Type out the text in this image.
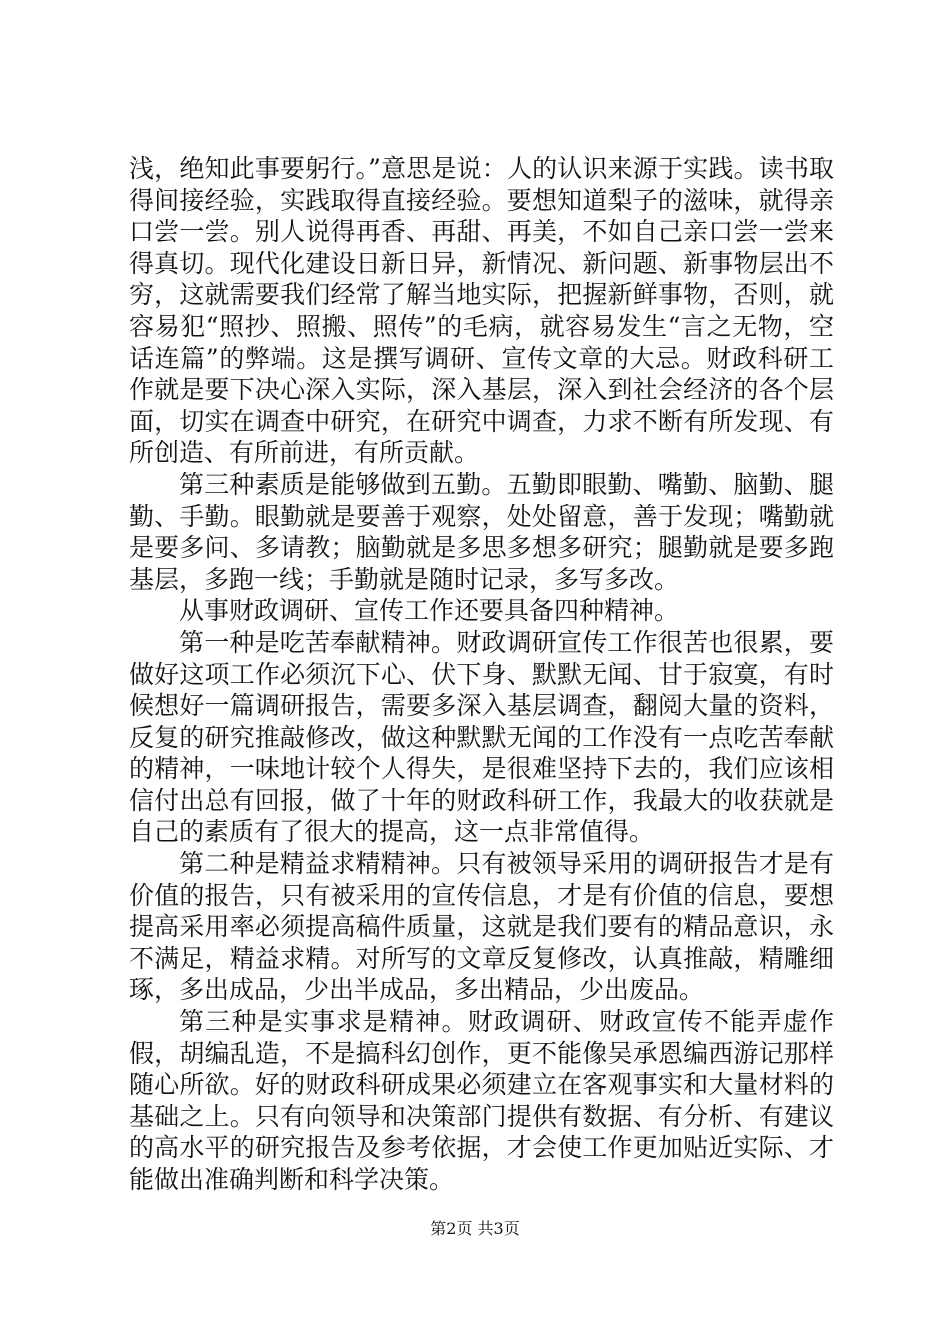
浅，绝知此事要躬行。”意思是说：人的认识来源于实践。读书取得间接经验，实践取得直接经验。要想知道梨子的滋味，就得亲口尝一尝。别人说得再香、再甜、再美，不如自己亲口尝一尝来得真切。现代化建设日新日异，新情况、新问题、新事物层出不穷，这就需要我们经常了解当地实际，把握新鲜事物，否则，就容易犯“照抄、照搬、照传”的毛病，就容易发生“言之无物，空话连篇”的弊端。这是撰写调研、宣传文章的大忌。财政科研工作就是要下决心深入实际，深入基层，深入到社会经济的各个层面，切实在调查中研究，在研究中调查，力求不断有所发现、有所创造、有所前进，有所贡献。

第三种素质是能够做到五勤。五勤即眼勤、嘴勤、脑勤、腿勤、手勤。眼勤就是要善于观察，处处留意，善于发现；嘴勤就是要多问、多请教；脑勤就是多思多想多研究；腿勤就是要多跑基层，多跑一线；手勤就是随时记录，多写多改。

从事财政调研、宣传工作还要具备四种精神。

第一种是吃苦奉献精神。财政调研宣传工作很苦也很累，要做好这项工作必须沉下心、伏下身、默默无闻、甘于寂寞，有时候想好一篇调研报告，需要多深入基层调查，翻阅大量的资料，反复的研究推敲修改，做这种默默无闻的工作没有一点吃苦奉献的精神，一味地计较个人得失，是很难坚持下去的，我们应该相信付出总有回报，做了十年的财政科研工作，我最大的收获就是自己的素质有了很大的提高，这一点非常值得。

第二种是精益求精精神。只有被领导采用的调研报告才是有价值的报告，只有被采用的宣传信息，才是有价值的信息，要想提高采用率必须提高稿件质量，这就是我们要有的精品意识，永不满足，精益求精。对所写的文章反复修改，认真推敲，精雕细琢，多出成品，少出半成品，多出精品，少出废品。

第三种是实事求是精神。财政调研、财政宣传不能弄虚作假，胡编乱造，不是搞科幻创作，更不能像吴承恩编西游记那样随心所欲。好的财政科研成果必须建立在客观事实和大量材料的基础之上。只有向领导和决策部门提供有数据、有分析、有建议的高水平的研究报告及参考依据，才会使工作更加贴近实际、才能做出准确判断和科学决策。

第2页 共3页
